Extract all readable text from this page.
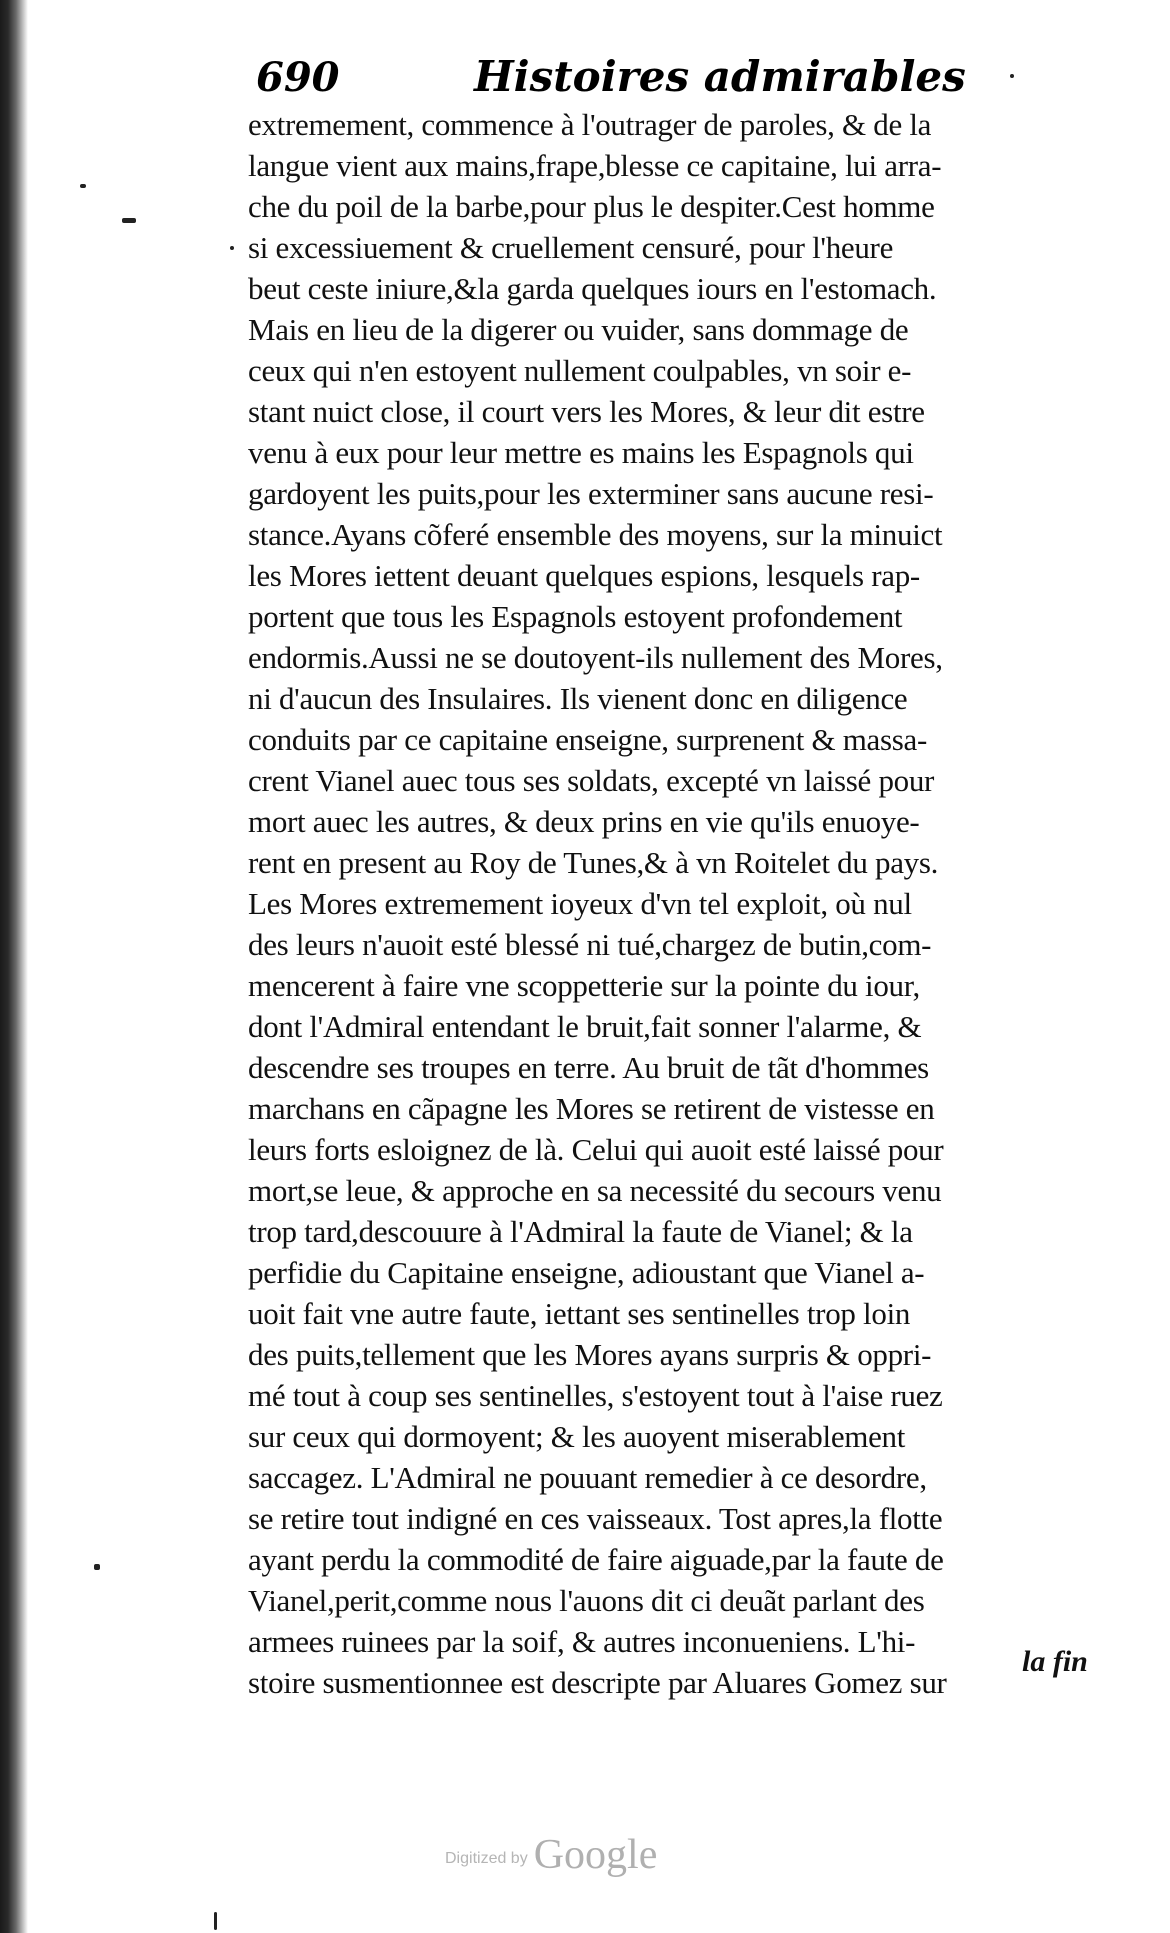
690	Histoires admirables
extremement, commence à l'outrager de paroles, & de la
langue vient aux mains,frape,blesse ce capitaine, lui arra-
che du poil de la barbe,pour plus le despiter.Cest homme
si excessiuement & cruellement censuré, pour l'heure
beut ceste iniure,&la garda quelques iours en l'estomach.
Mais en lieu de la digerer ou vuider, sans dommage de
ceux qui n'en estoyent nullement coulpables, vn soir e-
stant nuict close, il court vers les Mores, & leur dit estre
venu à eux pour leur mettre es mains les Espagnols qui
gardoyent les puits,pour les exterminer sans aucune resi-
stance.Ayans cõferé ensemble des moyens, sur la minuict
les Mores iettent deuant quelques espions, lesquels rap-
portent que tous les Espagnols estoyent profondement
endormis.Aussi ne se doutoyent-ils nullement des Mores,
ni d'aucun des Insulaires. Ils vienent donc en diligence
conduits par ce capitaine enseigne, surprenent & massa-
crent Vianel auec tous ses soldats, excepté vn laissé pour
mort auec les autres, & deux prins en vie qu'ils enuoye-
rent en present au Roy de Tunes,& à vn Roitelet du pays.
Les Mores extremement ioyeux d'vn tel exploit, où nul
des leurs n'auoit esté blessé ni tué,chargez de butin,com-
mencerent à faire vne scoppetterie sur la pointe du iour,
dont l'Admiral entendant le bruit,fait sonner l'alarme, &
descendre ses troupes en terre. Au bruit de tãt d'hommes
marchans en cãpagne les Mores se retirent de vistesse en
leurs forts esloignez de là. Celui qui auoit esté laissé pour
mort,se leue, & approche en sa necessité du secours venu
trop tard,descouure à l'Admiral la faute de Vianel; & la
perfidie du Capitaine enseigne, adioustant que Vianel a-
uoit fait vne autre faute, iettant ses sentinelles trop loin
des puits,tellement que les Mores ayans surpris & oppri-
mé tout à coup ses sentinelles, s'estoyent tout à l'aise ruez
sur ceux qui dormoyent; & les auoyent miserablement
saccagez. L'Admiral ne pouuant remedier à ce desordre,
se retire tout indigné en ces vaisseaux. Tost apres,la flotte
ayant perdu la commodité de faire aiguade,par la faute de
Vianel,perit,comme nous l'auons dit ci deuãt parlant des
armees ruinees par la soif, & autres inconueniens. L'hi-
stoire susmentionnee est descripte par Aluares Gomez sur
la fin
Digitized by Google
